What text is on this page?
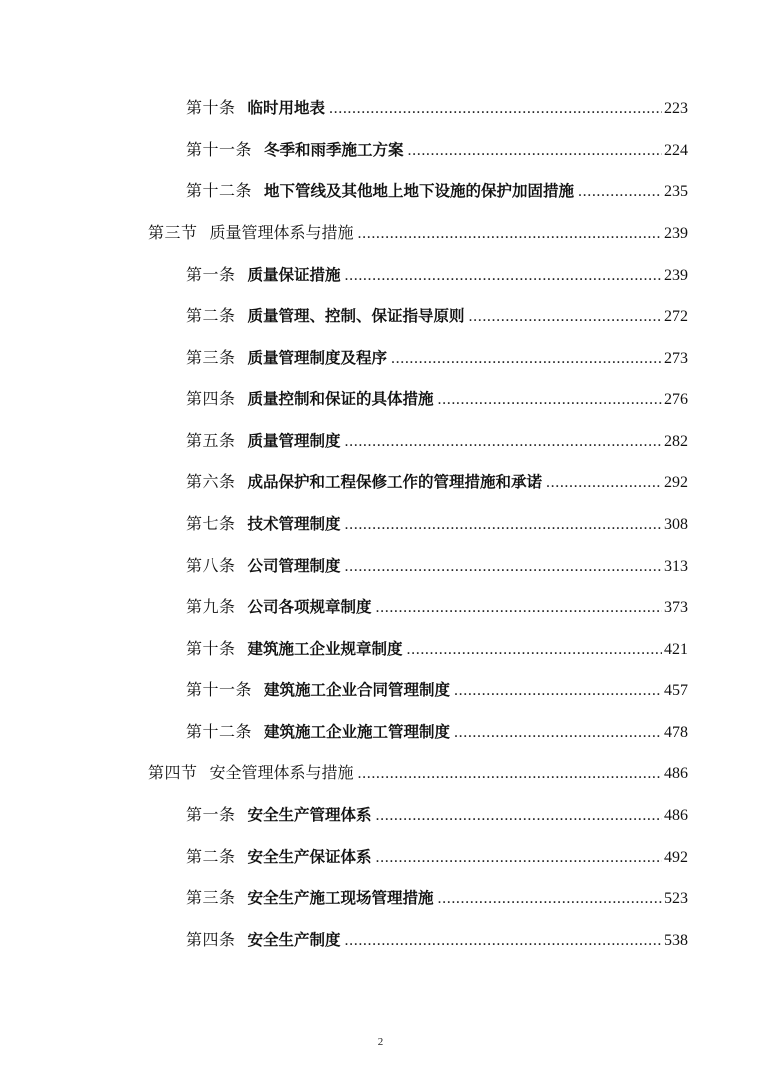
第十条 临时用地表 .....	223
第十一条 冬季和雨季施工方案 .....	224
第十二条 地下管线及其他地上地下设施的保护加固措施 .....	235
第三节 质量管理体系与措施 .....	239
第一条 质量保证措施 .....	239
第二条 质量管理、控制、保证指导原则 .....	272
第三条 质量管理制度及程序 .....	273
第四条 质量控制和保证的具体措施 .....	276
第五条 质量管理制度 .....	282
第六条 成品保护和工程保修工作的管理措施和承诺 .....	292
第七条 技术管理制度 .....	308
第八条 公司管理制度 .....	313
第九条 公司各项规章制度 .....	373
第十条 建筑施工企业规章制度 .....	421
第十一条 建筑施工企业合同管理制度 .....	457
第十二条 建筑施工企业施工管理制度 .....	478
第四节 安全管理体系与措施 .....	486
第一条 安全生产管理体系 .....	486
第二条 安全生产保证体系 .....	492
第三条 安全生产施工现场管理措施 .....	523
第四条 安全生产制度 .....	538
2
